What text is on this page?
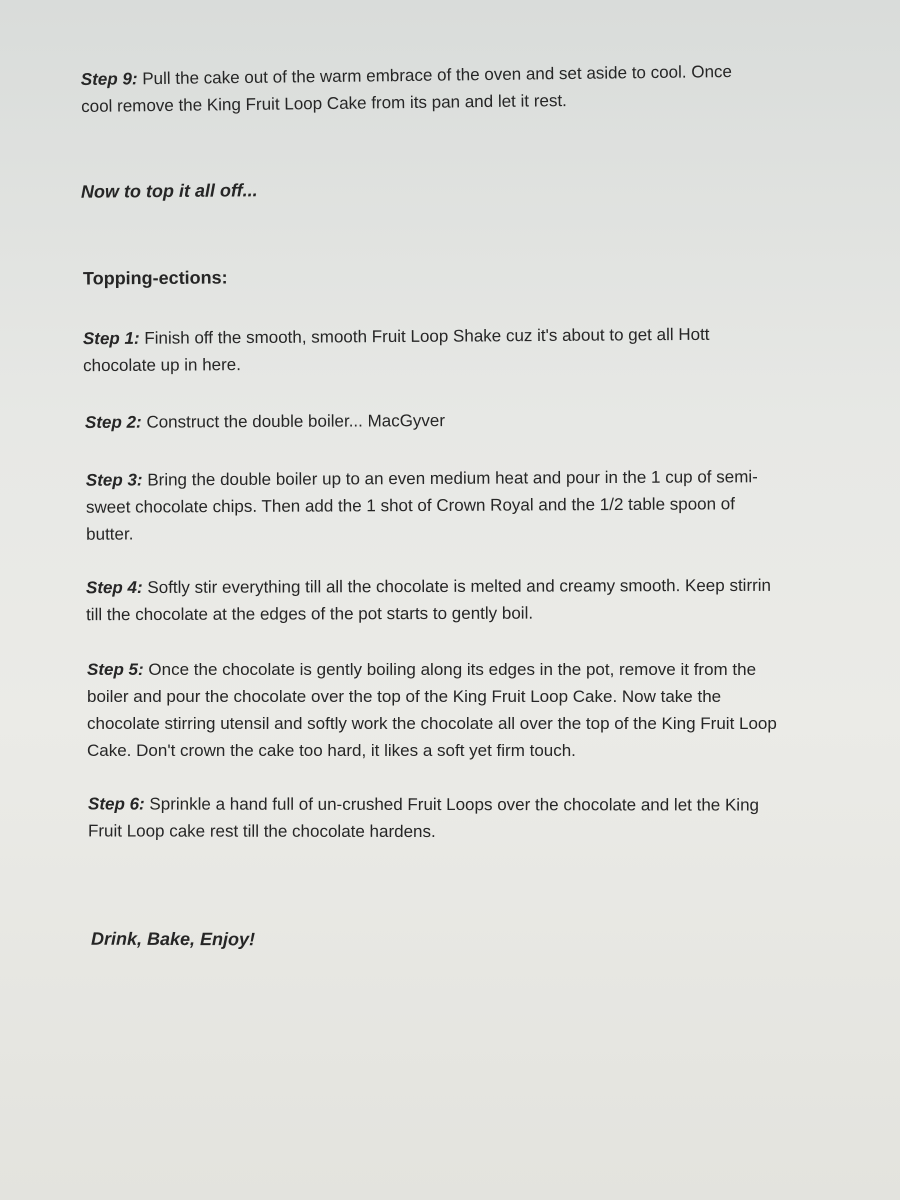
Step 9: Pull the cake out of the warm embrace of the oven and set aside to cool. Once
cool remove the King Fruit Loop Cake from its pan and let it rest.
Now to top it all off...
Topping-ections:
Step 1: Finish off the smooth, smooth Fruit Loop Shake cuz it's about to get all Hott
chocolate up in here.
Step 2: Construct the double boiler... MacGyver
Step 3: Bring the double boiler up to an even medium heat and pour in the 1 cup of semi-
sweet chocolate chips. Then add the 1 shot of Crown Royal and the 1/2 table spoon of
butter.
Step 4: Softly stir everything till all the chocolate is melted and creamy smooth. Keep stirrin
till the chocolate at the edges of the pot starts to gently boil.
Step 5: Once the chocolate is gently boiling along its edges in the pot, remove it from the
boiler and pour the chocolate over the top of the King Fruit Loop Cake. Now take the
chocolate stirring utensil and softly work the chocolate all over the top of the King Fruit Loop
Cake. Don't crown the cake too hard, it likes a soft yet firm touch.
Step 6: Sprinkle a hand full of un-crushed Fruit Loops over the chocolate and let the King
Fruit Loop cake rest till the chocolate hardens.
Drink, Bake, Enjoy!
